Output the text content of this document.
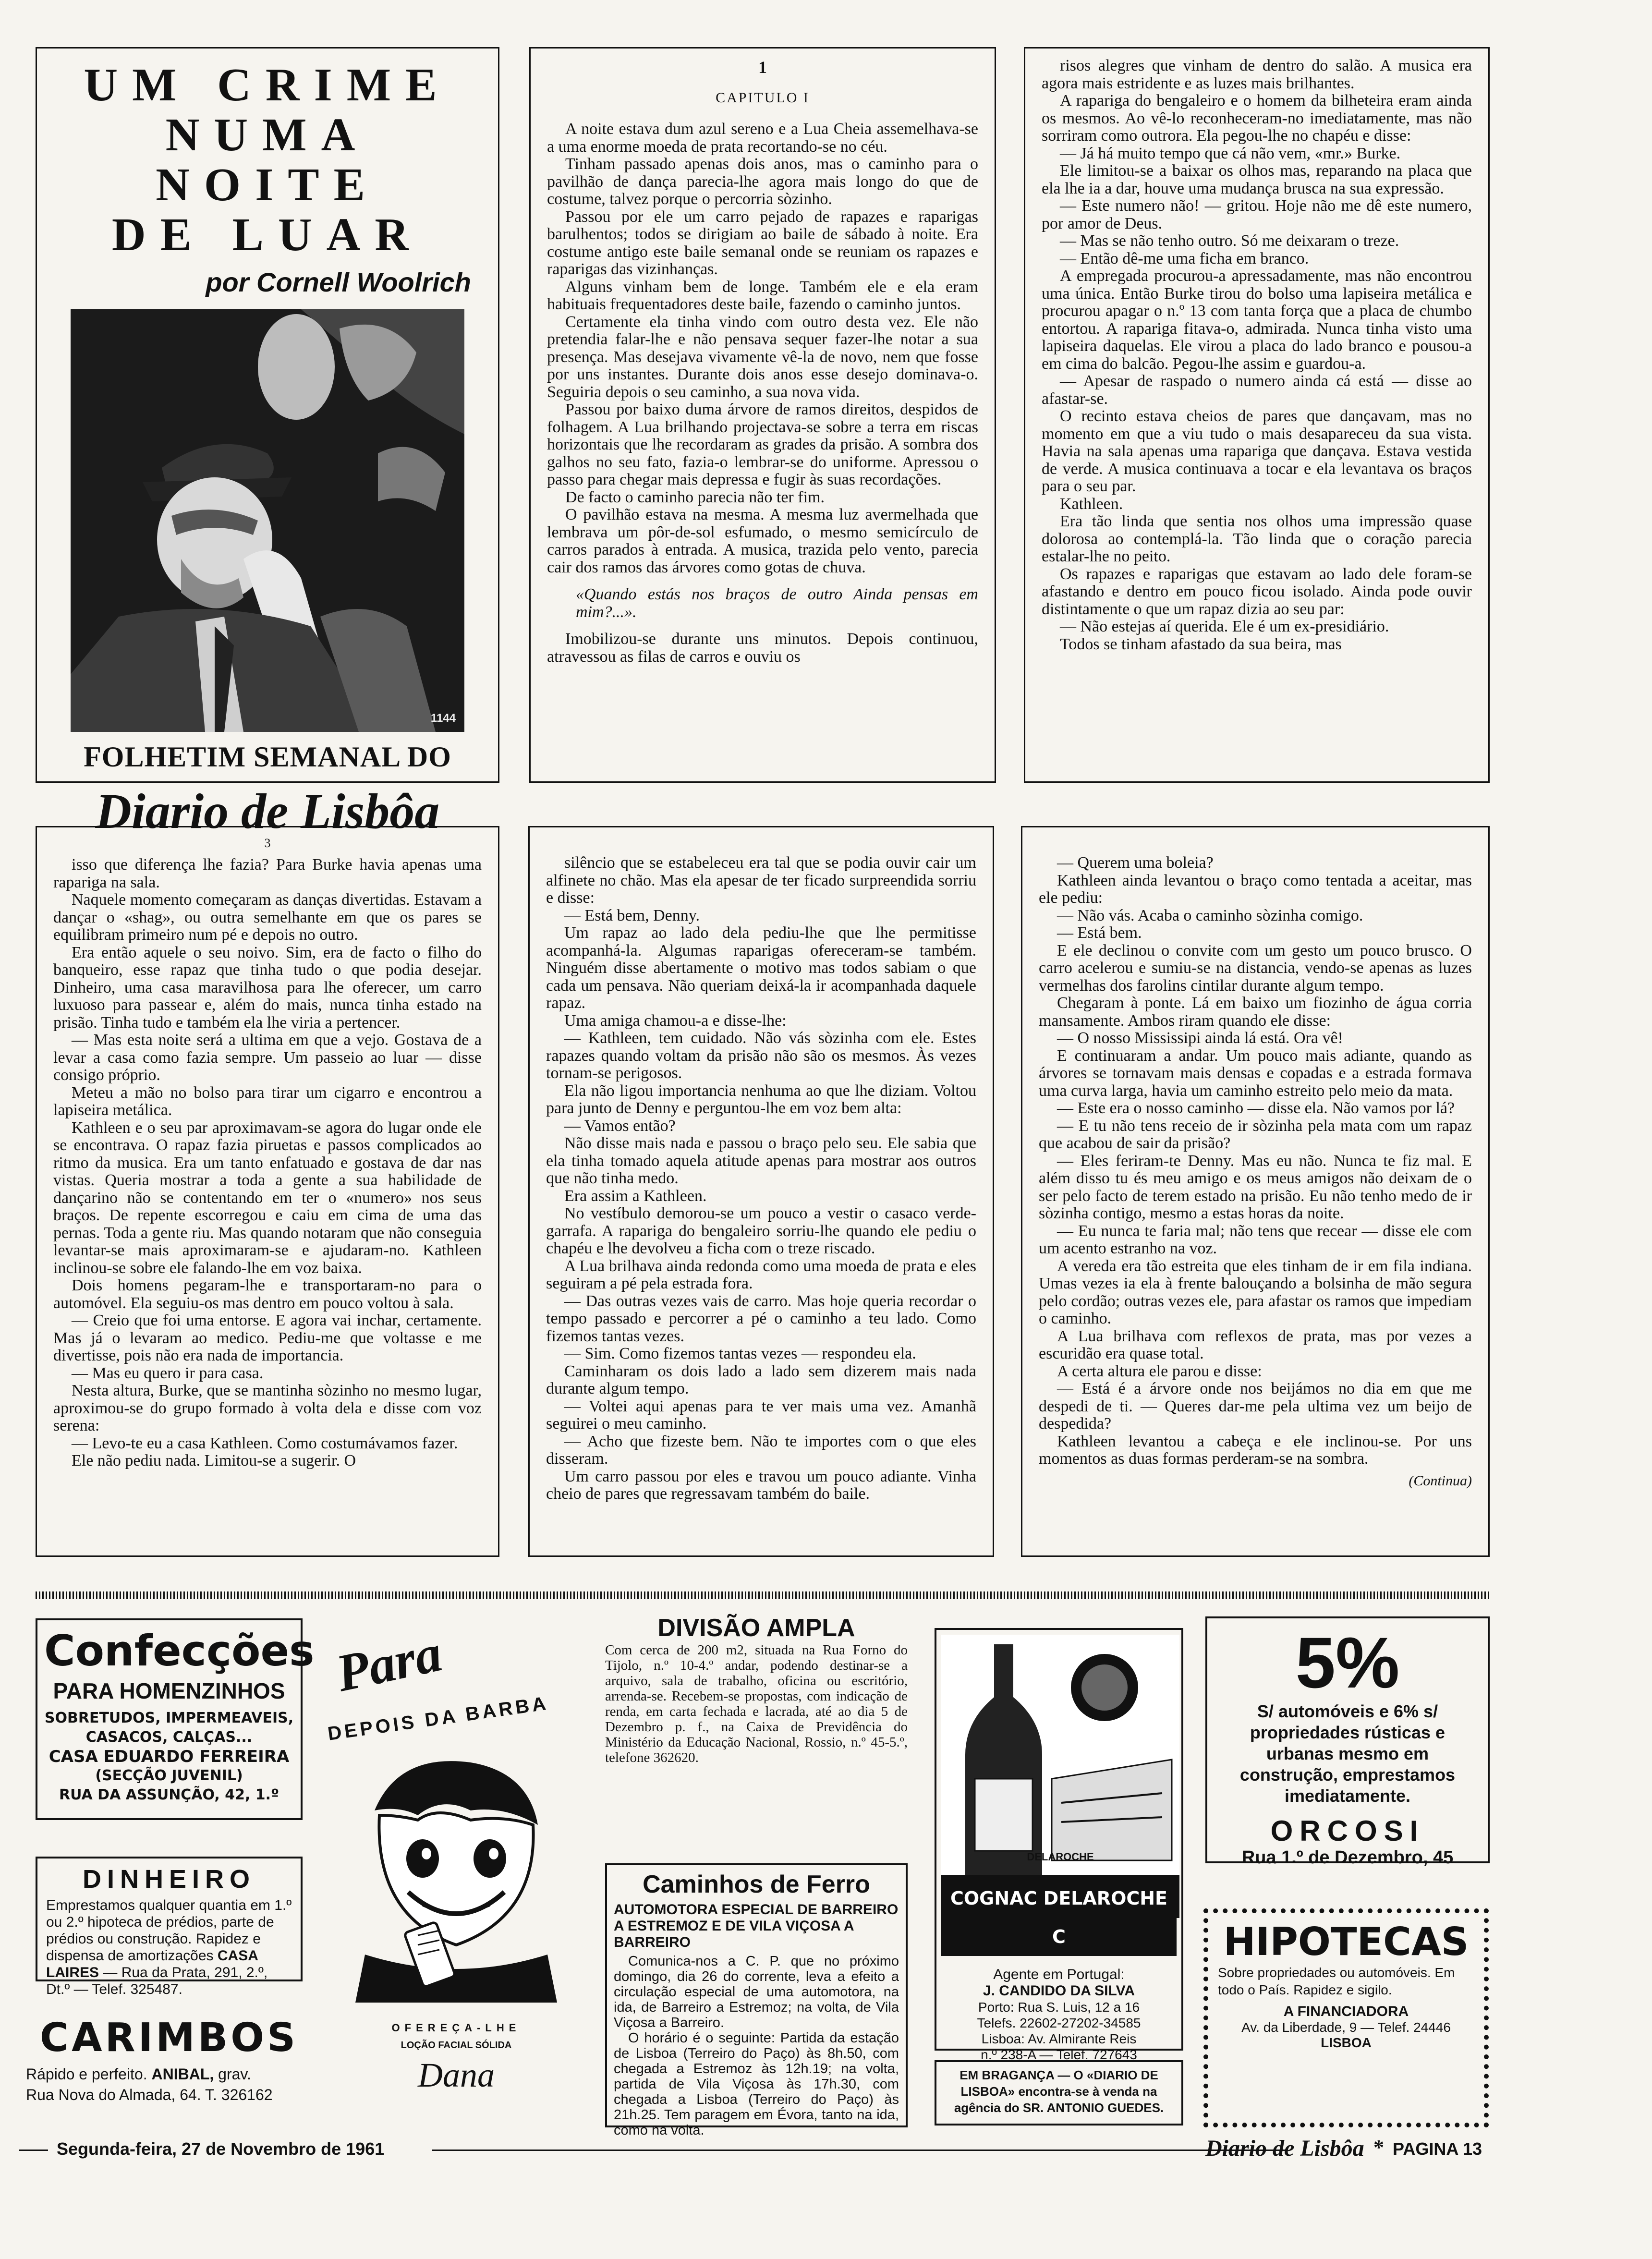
UM CRIME
NUMA NOITE
DE LUAR
por Cornell Woolrich
1144
FOLHETIM SEMANAL DO
Diario de Lisbôa
1
CAPITULO I

A noite estava dum azul sereno e a Lua Cheia assemelhava-se a uma enorme moeda de prata recortando-se no céu.

Tinham passado apenas dois anos, mas o caminho para o pavilhão de dança parecia-lhe agora mais longo do que de costume, talvez porque o percorria sòzinho.

Passou por ele um carro pejado de rapazes e raparigas barulhentos; todos se dirigiam ao baile de sábado à noite. Era costume antigo este baile semanal onde se reuniam os rapazes e raparigas das vizinhanças.

Alguns vinham bem de longe. Também ele e ela eram habituais frequentadores deste baile, fazendo o caminho juntos.

Certamente ela tinha vindo com outro desta vez. Ele não pretendia falar-lhe e não pensava sequer fazer-lhe notar a sua presença. Mas desejava vivamente vê-la de novo, nem que fosse por uns instantes. Durante dois anos esse desejo dominava-o. Seguiria depois o seu caminho, a sua nova vida.

Passou por baixo duma árvore de ramos direitos, despidos de folhagem. A Lua brilhando projectava-se sobre a terra em riscas horizontais que lhe recordaram as grades da prisão. A sombra dos galhos no seu fato, fazia-o lembrar-se do uniforme. Apressou o passo para chegar mais depressa e fugir às suas recordações.

De facto o caminho parecia não ter fim.

O pavilhão estava na mesma. A mesma luz avermelhada que lembrava um pôr-de-sol esfumado, o mesmo semicírculo de carros parados à entrada. A musica, trazida pelo vento, parecia cair dos ramos das árvores como gotas de chuva.

«Quando estás nos braços de outro Ainda pensas em mim?...».

Imobilizou-se durante uns minutos. Depois continuou, atravessou as filas de carros e ouviu os

risos alegres que vinham de dentro do salão. A musica era agora mais estridente e as luzes mais brilhantes.

A rapariga do bengaleiro e o homem da bilheteira eram ainda os mesmos. Ao vê-lo reconheceram-no imediatamente, mas não sorriram como outrora. Ela pegou-lhe no chapéu e disse:

— Já há muito tempo que cá não vem, «mr.» Burke.

Ele limitou-se a baixar os olhos mas, reparando na placa que ela lhe ia a dar, houve uma mudança brusca na sua expressão.

— Este numero não! — gritou. Hoje não me dê este numero, por amor de Deus.

— Mas se não tenho outro. Só me deixaram o treze.

— Então dê-me uma ficha em branco.

A empregada procurou-a apressadamente, mas não encontrou uma única. Então Burke tirou do bolso uma lapiseira metálica e procurou apagar o n.º 13 com tanta força que a placa de chumbo entortou. A rapariga fitava-o, admirada. Nunca tinha visto uma lapiseira daquelas. Ele virou a placa do lado branco e pousou-a em cima do balcão. Pegou-lhe assim e guardou-a.

— Apesar de raspado o numero ainda cá está — disse ao afastar-se.

O recinto estava cheios de pares que dançavam, mas no momento em que a viu tudo o mais desapareceu da sua vista. Havia na sala apenas uma rapariga que dançava. Estava vestida de verde. A musica continuava a tocar e ela levantava os braços para o seu par.

Kathleen.

Era tão linda que sentia nos olhos uma impressão quase dolorosa ao contemplá-la. Tão linda que o coração parecia estalar-lhe no peito.

Os rapazes e raparigas que estavam ao lado dele foram-se afastando e dentro em pouco ficou isolado. Ainda pode ouvir distintamente o que um rapaz dizia ao seu par:

— Não estejas aí querida. Ele é um ex-presidiário.

Todos se tinham afastado da sua beira, mas

3

isso que diferença lhe fazia? Para Burke havia apenas uma rapariga na sala.

Naquele momento começaram as danças divertidas. Estavam a dançar o «shag», ou outra semelhante em que os pares se equilibram primeiro num pé e depois no outro.

Era então aquele o seu noivo. Sim, era de facto o filho do banqueiro, esse rapaz que tinha tudo o que podia desejar. Dinheiro, uma casa maravilhosa para lhe oferecer, um carro luxuoso para passear e, além do mais, nunca tinha estado na prisão. Tinha tudo e também ela lhe viria a pertencer.

— Mas esta noite será a ultima em que a vejo. Gostava de a levar a casa como fazia sempre. Um passeio ao luar — disse consigo próprio.

Meteu a mão no bolso para tirar um cigarro e encontrou a lapiseira metálica.

Kathleen e o seu par aproximavam-se agora do lugar onde ele se encontrava. O rapaz fazia piruetas e passos complicados ao ritmo da musica. Era um tanto enfatuado e gostava de dar nas vistas. Queria mostrar a toda a gente a sua habilidade de dançarino não se contentando em ter o «numero» nos seus braços. De repente escorregou e caiu em cima de uma das pernas. Toda a gente riu. Mas quando notaram que não conseguia levantar-se mais aproximaram-se e ajudaram-no. Kathleen inclinou-se sobre ele falando-lhe em voz baixa.

Dois homens pegaram-lhe e transportaram-no para o automóvel. Ela seguiu-os mas dentro em pouco voltou à sala.

— Creio que foi uma entorse. E agora vai inchar, certamente. Mas já o levaram ao medico. Pediu-me que voltasse e me divertisse, pois não era nada de importancia.

— Mas eu quero ir para casa.

Nesta altura, Burke, que se mantinha sòzinho no mesmo lugar, aproximou-se do grupo formado à volta dela e disse com voz serena:

— Levo-te eu a casa Kathleen. Como costumávamos fazer.

Ele não pediu nada. Limitou-se a sugerir. O

silêncio que se estabeleceu era tal que se podia ouvir cair um alfinete no chão. Mas ela apesar de ter ficado surpreendida sorriu e disse:

— Está bem, Denny.

Um rapaz ao lado dela pediu-lhe que lhe permitisse acompanhá-la. Algumas raparigas ofereceram-se também. Ninguém disse abertamente o motivo mas todos sabiam o que cada um pensava. Não queriam deixá-la ir acompanhada daquele rapaz.

Uma amiga chamou-a e disse-lhe:

— Kathleen, tem cuidado. Não vás sòzinha com ele. Estes rapazes quando voltam da prisão não são os mesmos. Às vezes tornam-se perigosos.

Ela não ligou importancia nenhuma ao que lhe diziam. Voltou para junto de Denny e perguntou-lhe em voz bem alta:

— Vamos então?

Não disse mais nada e passou o braço pelo seu. Ele sabia que ela tinha tomado aquela atitude apenas para mostrar aos outros que não tinha medo.

Era assim a Kathleen.

No vestíbulo demorou-se um pouco a vestir o casaco verde-garrafa. A rapariga do bengaleiro sorriu-lhe quando ele pediu o chapéu e lhe devolveu a ficha com o treze riscado.

A Lua brilhava ainda redonda como uma moeda de prata e eles seguiram a pé pela estrada fora.

— Das outras vezes vais de carro. Mas hoje queria recordar o tempo passado e percorrer a pé o caminho a teu lado. Como fizemos tantas vezes.

— Sim. Como fizemos tantas vezes — respondeu ela.

Caminharam os dois lado a lado sem dizerem mais nada durante algum tempo.

— Voltei aqui apenas para te ver mais uma vez. Amanhã seguirei o meu caminho.

— Acho que fizeste bem. Não te importes com o que eles disseram.

Um carro passou por eles e travou um pouco adiante. Vinha cheio de pares que regressavam também do baile.

— Querem uma boleia?

Kathleen ainda levantou o braço como tentada a aceitar, mas ele pediu:

— Não vás. Acaba o caminho sòzinha comigo.

— Está bem.

E ele declinou o convite com um gesto um pouco brusco. O carro acelerou e sumiu-se na distancia, vendo-se apenas as luzes vermelhas dos farolins cintilar durante algum tempo.

Chegaram à ponte. Lá em baixo um fiozinho de água corria mansamente. Ambos riram quando ele disse:

— O nosso Mississipi ainda lá está. Ora vê!

E continuaram a andar. Um pouco mais adiante, quando as árvores se tornavam mais densas e copadas e a estrada formava uma curva larga, havia um caminho estreito pelo meio da mata.

— Este era o nosso caminho — disse ela. Não vamos por lá?

— E tu não tens receio de ir sòzinha pela mata com um rapaz que acabou de sair da prisão?

— Eles feriram-te Denny. Mas eu não. Nunca te fiz mal. E além disso tu és meu amigo e os meus amigos não deixam de o ser pelo facto de terem estado na prisão. Eu não tenho medo de ir sòzinha contigo, mesmo a estas horas da noite.

— Eu nunca te faria mal; não tens que recear — disse ele com um acento estranho na voz.

A vereda era tão estreita que eles tinham de ir em fila indiana. Umas vezes ia ela à frente balouçando a bolsinha de mão segura pelo cordão; outras vezes ele, para afastar os ramos que impediam o caminho.

A Lua brilhava com reflexos de prata, mas por vezes a escuridão era quase total.

A certa altura ele parou e disse:

— Está é a árvore onde nos beijámos no dia em que me despedi de ti. — Queres dar-me pela ultima vez um beijo de despedida?

Kathleen levantou a cabeça e ele inclinou-se. Por uns momentos as duas formas perderam-se na sombra.

(Continua)
Confecções
PARA HOMENZINHOS
SOBRETUDOS, IMPERMEAVEIS,
CASACOS, CALÇAS...
CASA EDUARDO FERREIRA
(SECÇÃO JUVENIL)
RUA DA ASSUNÇÃO, 42, 1.º
DINHEIRO
Emprestamos qualquer quantia em 1.º ou 2.º hipoteca de prédios, parte de prédios ou construção. Rapidez e dispensa de amortizações CASA LAIRES — Rua da Prata, 291, 2.º, Dt.º — Telef. 325487.
CARIMBOS
Rápido e perfeito. ANIBAL, grav.
Rua Nova do Almada, 64. T. 326162
Para
DEPOIS DA BARBA
OFEREÇA-LHE
LOÇÃO FACIAL SÓLIDA
Dana
DIVISÃO AMPLA
Com cerca de 200 m2, situada na Rua Forno do Tijolo, n.º 10-4.º andar, podendo destinar-se a arquivo, sala de trabalho, oficina ou escritório, arrenda-se. Recebem-se propostas, com indicação de renda, em carta fechada e lacrada, até ao dia 5 de Dezembro p. f., na Caixa de Previdência do Ministério da Educação Nacional, Rossio, n.º 45-5.º, telefone 362620.
Caminhos de Ferro
AUTOMOTORA ESPECIAL DE BARREIRO A ESTREMOZ E DE VILA VIÇOSA A BARREIRO
Comunica-nos a C. P. que no próximo domingo, dia 26 do corrente, leva a efeito a circulação especial de uma automotora, na ida, de Barreiro a Estremoz; na volta, de Vila Viçosa a Barreiro.
O horário é o seguinte: Partida da estação de Lisboa (Terreiro do Paço) às 8h.50, com chegada a Estremoz às 12h.19; na volta, partida de Vila Viçosa às 17h.30, com chegada a Lisboa (Terreiro do Paço) às 21h.25. Tem paragem em Évora, tanto na ida, como na volta.
DELAROCHE
COGNAC DELAROCHE C
Agente em Portugal:
J. CANDIDO DA SILVA
Porto: Rua S. Luis, 12 a 16
Telefs. 22602-27202-34585
Lisboa: Av. Almirante Reis
n.º 238-A — Telef. 727643
EM BRAGANÇA — O «DIARIO DE LISBOA» encontra-se à venda na agência do SR. ANTONIO GUEDES.
5%
S/ automóveis e 6% s/ propriedades rústicas e urbanas mesmo em construção, emprestamos imediatamente.
ORCOSI
Rua 1.º de Dezembro, 45
HIPOTECAS
Sobre propriedades ou automóveis. Em todo o País. Rapidez e sigilo.
A FINANCIADORA
Av. da Liberdade, 9 — Telef. 24446
LISBOA
Segunda-feira, 27 de Novembro de 1961	Diario de Lisbôa * PAGINA 13
